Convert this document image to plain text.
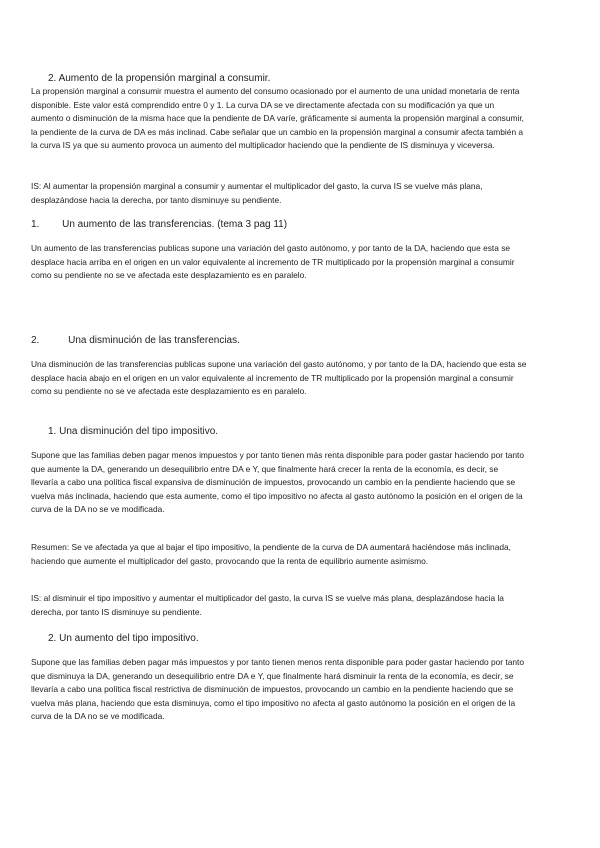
2. Aumento de la propensión marginal a consumir.
La propensión marginal a consumir muestra el aumento del consumo ocasionado por el aumento de una unidad monetaria de renta disponible. Este valor está comprendido entre 0 y 1. La curva DA se ve directamente afectada con su modificación ya que un aumento o disminución de la misma hace que la pendiente de DA varíe, gráficamente si aumenta la propensión marginal a consumir, la pendiente de la curva de DA es más inclinad. Cabe señalar que un cambio en la propensión marginal a consumir afecta también a la curva IS ya que su aumento provoca un aumento del multiplicador haciendo que la pendiente de IS disminuya y viceversa.
IS: Al aumentar la propensión marginal a consumir y aumentar el multiplicador del gasto, la curva IS se vuelve más plana, desplazándose hacia la derecha, por tanto disminuye su pendiente.
1. Un aumento de las transferencias. (tema 3 pag 11)
Un aumento de las transferencias publicas supone una variación del gasto autónomo, y por tanto de la DA, haciendo que esta se desplace hacia arriba en el origen en un valor equivalente al incremento de TR multiplicado por la propensión marginal a consumir como su pendiente no se ve afectada este desplazamiento es en paralelo.
2.	Una disminución de las transferencias.
Una disminución de las transferencias publicas supone una variación del gasto autónomo, y por tanto de la DA, haciendo que esta se desplace hacia abajo en el origen en un valor equivalente al incremento de TR multiplicado por la propensión marginal a consumir como su pendiente no se ve afectada este desplazamiento es en paralelo.
1. Una disminución del tipo impositivo.
Supone que las familias deben pagar menos impuestos y por tanto tienen más renta disponible para poder gastar haciendo por tanto que aumente la DA, generando un desequilibrio entre DA e Y, que finalmente hará crecer la renta de la economía, es decir, se llevaría a cabo una política fiscal expansiva de disminución de impuestos, provocando un cambio en la pendiente haciendo que se vuelva más inclinada, haciendo que esta aumente, como el tipo impositivo no afecta al gasto autónomo la posición en el origen de la curva de la DA no se ve modificada.
Resumen: Se ve afectada ya que al bajar el tipo impositivo, la pendiente de la curva de DA aumentará haciéndose más inclinada, haciendo que aumente el multiplicador del gasto, provocando que la renta de equilibrio aumente asimismo.
IS: al disminuir el tipo impositivo y aumentar el multiplicador del gasto, la curva IS se vuelve más plana, desplazándose hacia la derecha, por tanto IS disminuye su pendiente.
2. Un aumento del tipo impositivo.
Supone que las familias deben pagar más impuestos y por tanto tienen menos renta disponible para poder gastar haciendo por tanto que disminuya la DA, generando un desequilibrio entre DA e Y, que finalmente hará disminuir la renta de la economía, es decir, se llevaría a cabo una política fiscal restrictiva de disminución de impuestos, provocando un cambio en la pendiente haciendo que se vuelva más plana, haciendo que esta disminuya, como el tipo impositivo no afecta al gasto autónomo la posición en el origen de la curva de la DA no se ve modificada.
